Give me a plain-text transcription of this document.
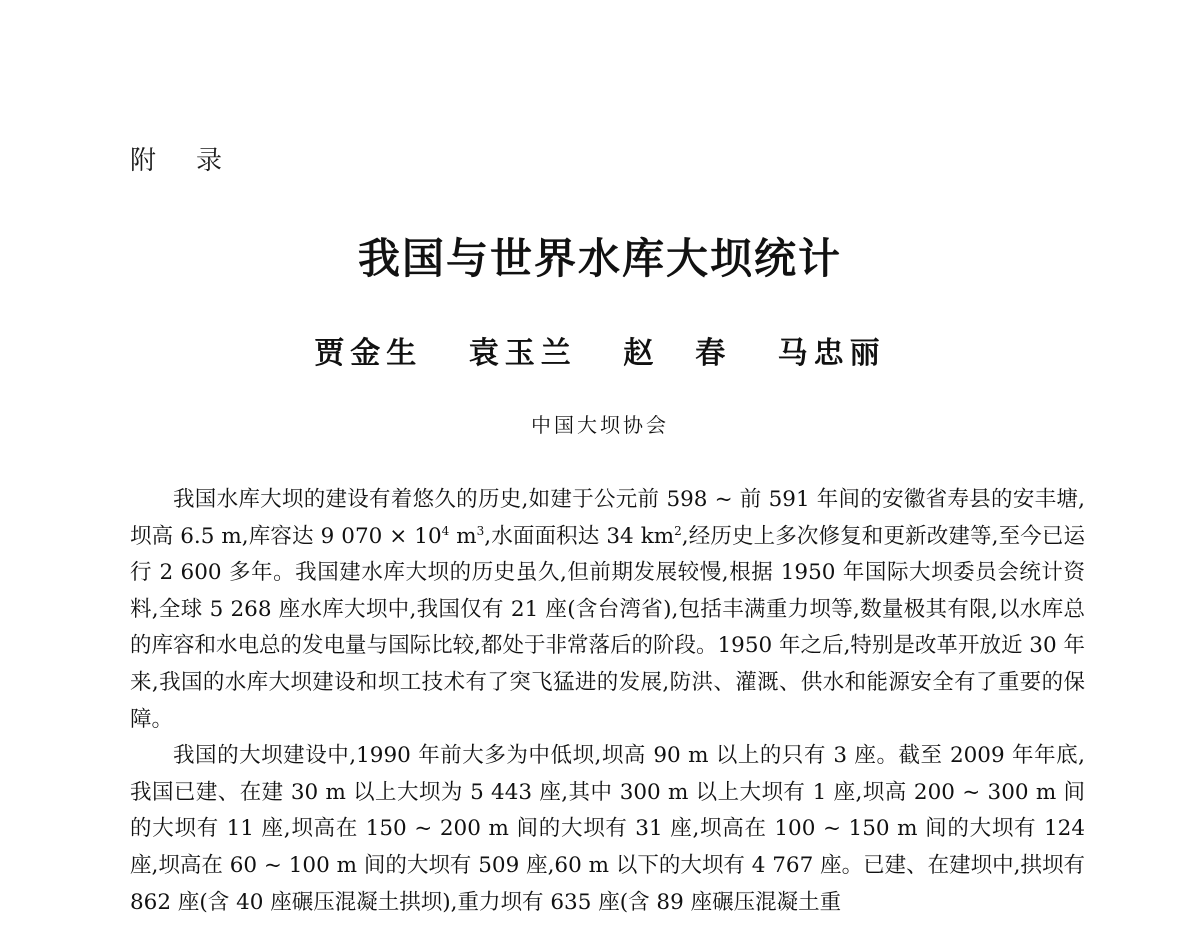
附录
我国与世界水库大坝统计
贾金生 袁玉兰 赵　春 马忠丽
中国大坝协会

我国水库大坝的建设有着悠久的历史,如建于公元前 598 ~ 前 591 年间的安徽省寿县的安丰塘,坝高 6.5 m,库容达 9 $070 \times 10^4$ $m^3$,水面面积达 34 $km^2$,经历史上多次修复和更新改建等,至今已运行 2 600 多年。我国建水库大坝的历史虽久,但前期发展较慢,根据 1950 年国际大坝委员会统计资料,全球 5 268 座水库大坝中,我国仅有 21 座(含台湾省),包括丰满重力坝等,数量极其有限,以水库总的库容和水电总的发电量与国际比较,都处于非常落后的阶段。1950 年之后,特别是改革开放近 30 年来,我国的水库大坝建设和坝工技术有了突飞猛进的发展,防洪、灌溉、供水和能源安全有了重要的保障。

我国的大坝建设中,1990 年前大多为中低坝,坝高 90 m 以上的只有 3 座。截至 2009 年年底,我国已建、在建 30 m 以上大坝为 5 443 座,其中 300 m 以上大坝有 1 座,坝高 200 ~ 300 m 间的大坝有 11 座,坝高在 150 ~ 200 m 间的大坝有 31 座,坝高在 100 ~ 150 m 间的大坝有 124 座,坝高在 60 ~ 100 m 间的大坝有 509 座,60 m 以下的大坝有 4 767 座。已建、在建坝中,拱坝有 862 座(含 40 座碾压混凝土拱坝),重力坝有 635 座(含 89 座碾压混凝土重
